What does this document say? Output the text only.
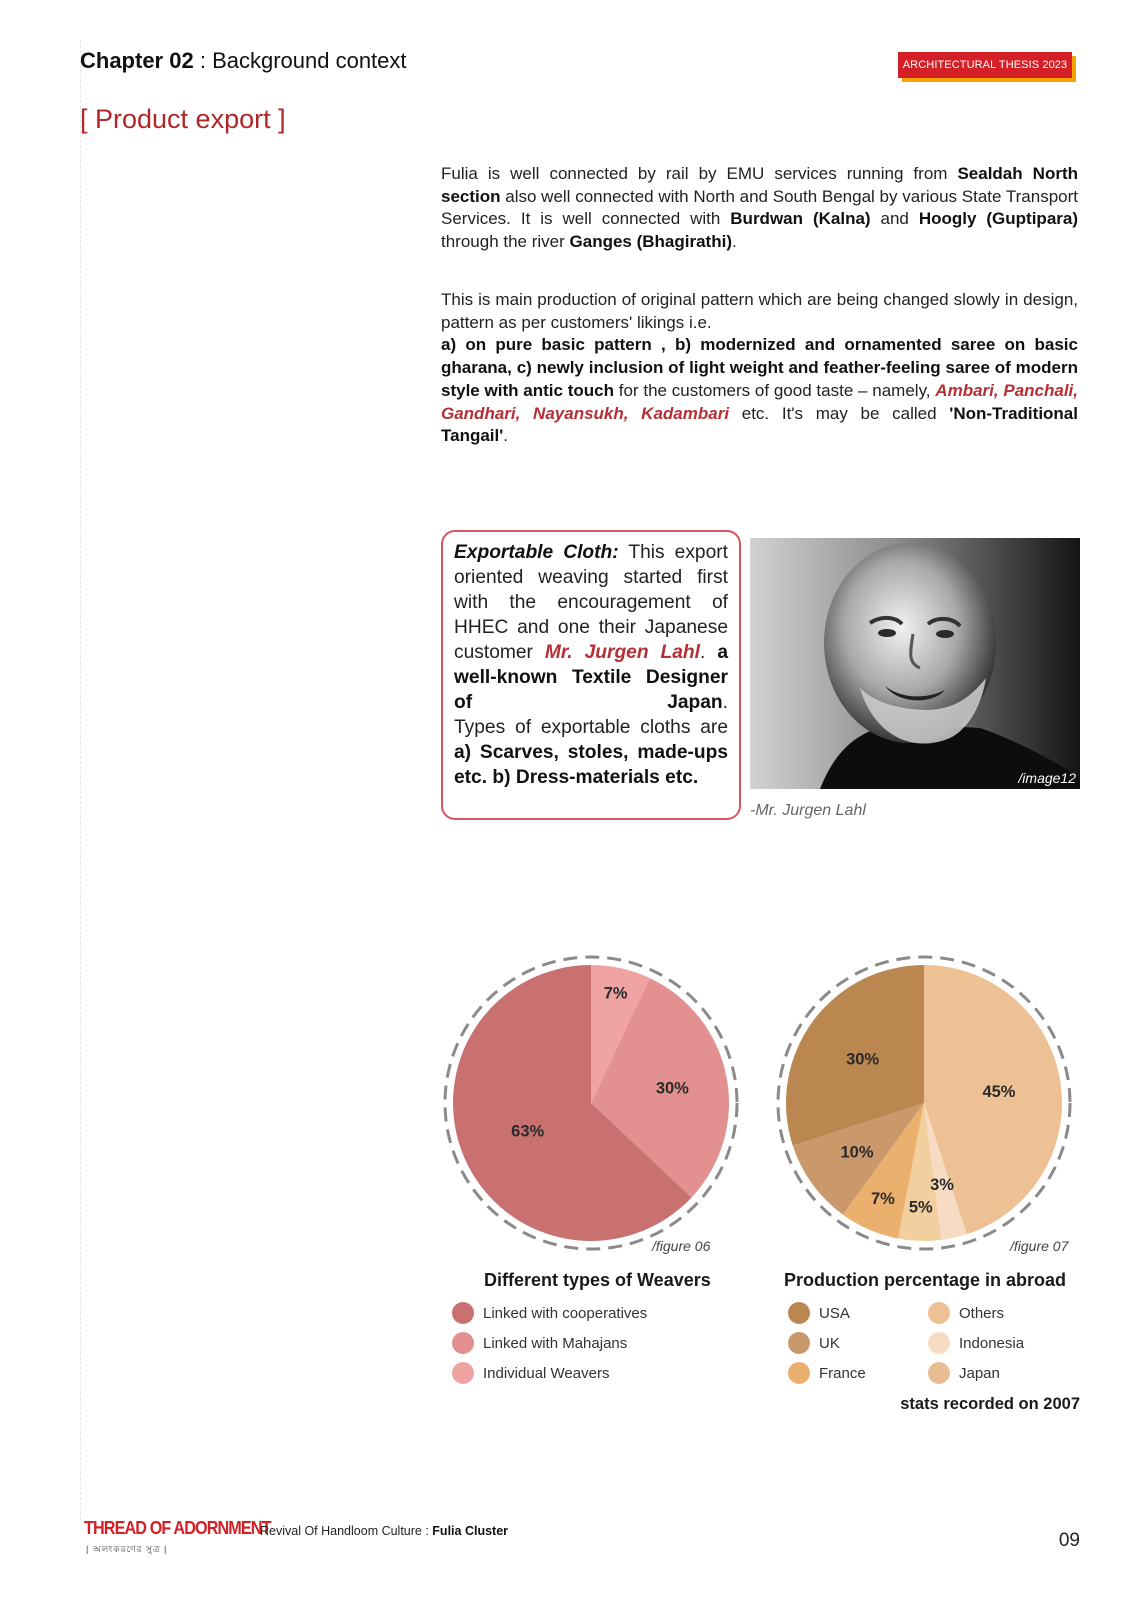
Chapter 02 : Background context	ARCHITECTURAL THESIS 2023
[ Product export ]
Fulia is well connected by rail by EMU services running from Sealdah North section also well connected with North and South Bengal by various State Transport Services. It is well connected with Burdwan (Kalna) and Hoogly (Guptipara) through the river Ganges (Bhagirathi).
This is main production of original pattern which are being changed slowly in design, pattern as per customers' likings i.e.
a) on pure basic pattern , b) modernized and ornamented saree on basic gharana, c) newly inclusion of light weight and feather-feeling saree of modern style with antic touch for the customers of good taste – namely, Ambari, Panchali, Gandhari, Nayansukh, Kadambari etc. It's may be called 'Non-Traditional Tangail'.
Exportable Cloth: This export oriented weaving started first with the encouragement of HHEC and one their Japanese customer Mr. Jurgen Lahl. a well-known Textile Designer of Japan.
Types of exportable cloths are a) Scarves, stoles, made-ups etc. b) Dress-materials etc.	/image12
-Mr. Jurgen Lahl
7%
30%
63%
/figure 06
Different types of Weavers
45%
3%
5%
7%
10%
30%
/figure 07
Production percentage in abroad
Linked with cooperatives
Linked with Mahajans
Individual Weavers
USA
UK
France
Others
Indonesia
Japan
stats recorded on 2007
THREAD OF ADORNMENT
| অলংকরণের সুত্র |
Revival Of Handloom Culture : Fulia Cluster	09
